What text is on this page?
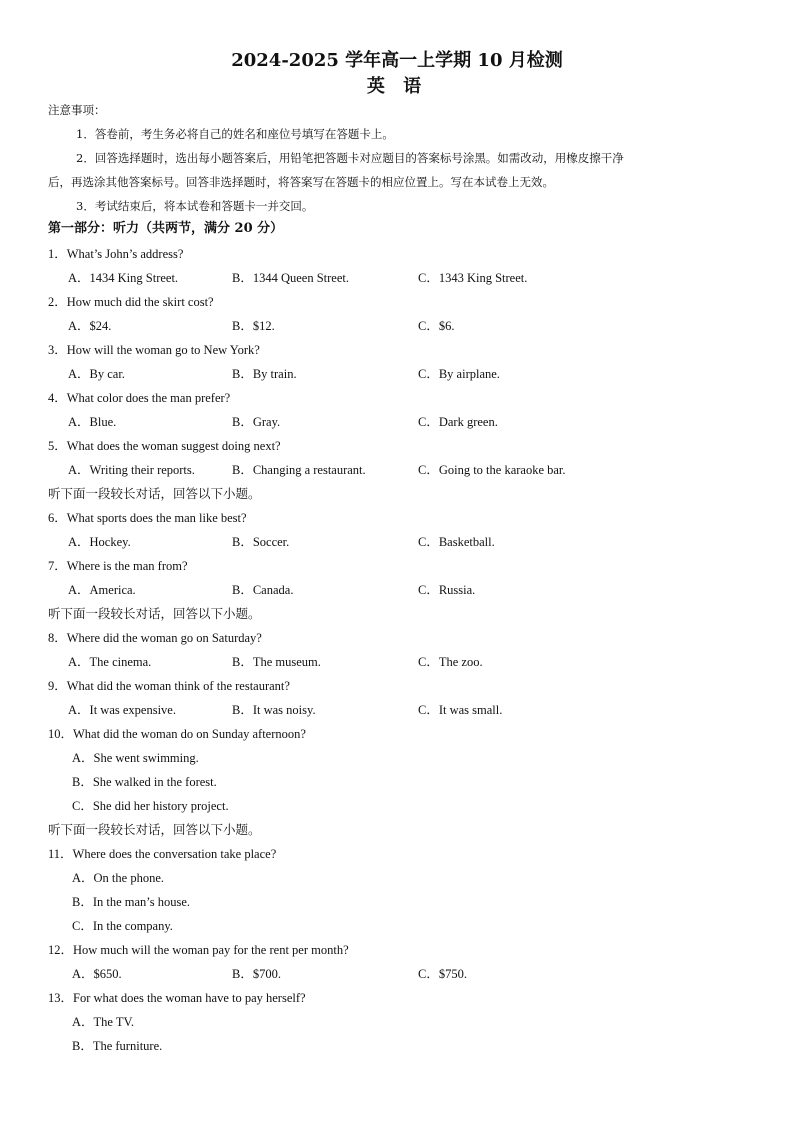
2024-2025 学年高一上学期 10 月检测
英 语
注意事项：
1．答卷前，考生务必将自己的姓名和座位号填写在答题卡上。
2．回答选择题时，选出每小题答案后，用铅笔把答题卡对应题目的答案标号涂黑。如需改动，用橡皮擦干净
后，再选涂其他答案标号。回答非选择题时，将答案写在答题卡的相应位置上。写在本试卷上无效。
3．考试结束后，将本试卷和答题卡一并交回。
第一部分：听力（共两节，满分 20 分）
1．What’s John’s address?
A．1434 King Street.	B．1344 Queen Street.	C．1343 King Street.
2．How much did the skirt cost?
A．$24.	B．$12.	C．$6.
3．How will the woman go to New York?
A．By car.	B．By train.	C．By airplane.
4．What color does the man prefer?
A．Blue.	B．Gray.	C．Dark green.
5．What does the woman suggest doing next?
A．Writing their reports.	B．Changing a restaurant.	C．Going to the karaoke bar.
听下面一段较长对话，回答以下小题。
6．What sports does the man like best?
A．Hockey.	B．Soccer.	C．Basketball.
7．Where is the man from?
A．America.	B．Canada.	C．Russia.
听下面一段较长对话，回答以下小题。
8．Where did the woman go on Saturday?
A．The cinema.	B．The museum.	C．The zoo.
9．What did the woman think of the restaurant?
A．It was expensive.	B．It was noisy.	C．It was small.
10．What did the woman do on Sunday afternoon?
A．She went swimming.
B．She walked in the forest.
C．She did her history project.
听下面一段较长对话，回答以下小题。
11．Where does the conversation take place?
A．On the phone.
B．In the man’s house.
C．In the company.
12．How much will the woman pay for the rent per month?
A．$650.	B．$700.	C．$750.
13．For what does the woman have to pay herself?
A．The TV.
B．The furniture.
